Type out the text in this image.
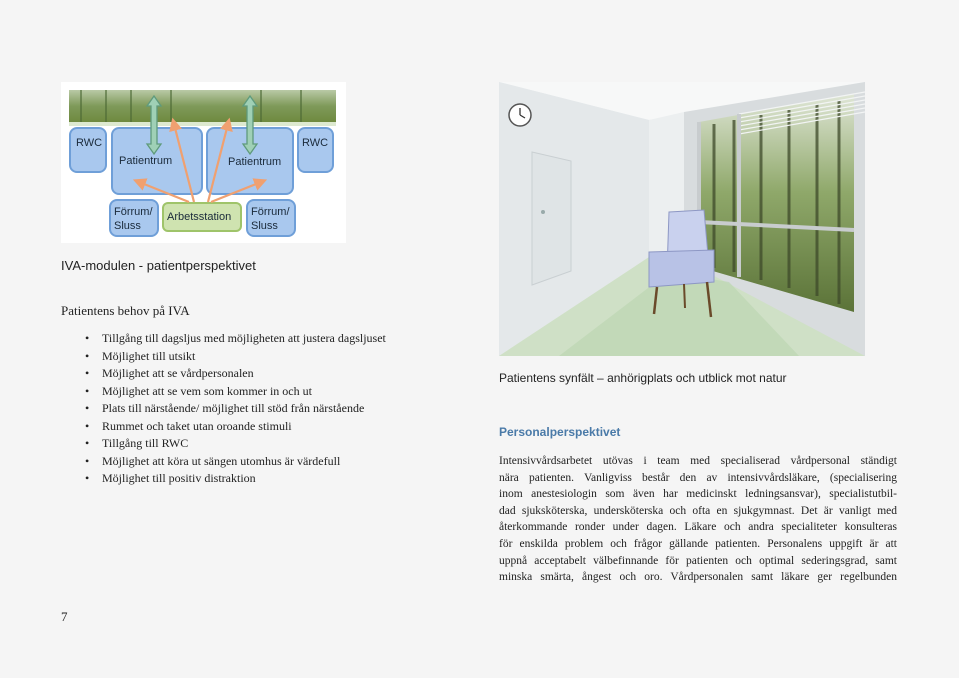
RWC
Patientrum	Patientrum
RWC
Förrum/
Sluss
Arbetsstation Förrum/
Sluss
IVA-modulen - patientperspektivet
Patientens behov på IVA
• Tillgång till dagsljus med möjligheten att justera dagsljuset
• Möjlighet till utsikt
• Möjlighet att se vårdpersonalen
• Möjlighet att se vem som kommer in och ut
• Plats till närstående/ möjlighet till stöd från närstående
• Rummet och taket utan oroande stimuli
• Tillgång till RWC
• Möjlighet att köra ut sängen utomhus är värdefull
• Möjlighet till positiv distraktion
7
Patientens synfält – anhörigplats och utblick mot natur
Personalperspektivet
Intensivvårdsarbetet utövas i team med specialiserad vårdpersonal ständigt
nära patienten. Vanligviss består den av intensivvårdsläkare, (specialisering
inom anestesiologin som även har medicinskt ledningsansvar), specialistutbil-
dad sjuksköterska, undersköterska och ofta en sjukgymnast. Det är vanligt med
återkommande ronder under dagen. Läkare och andra specialiteter konsulteras
för enskilda problem och frågor gällande patienten. Personalens uppgift är att
uppnå acceptabelt välbefinnande för patienten och optimal sederingsgrad, samt
minska smärta, ångest och oro. Vårdpersonalen samt läkare ger regelbunden
